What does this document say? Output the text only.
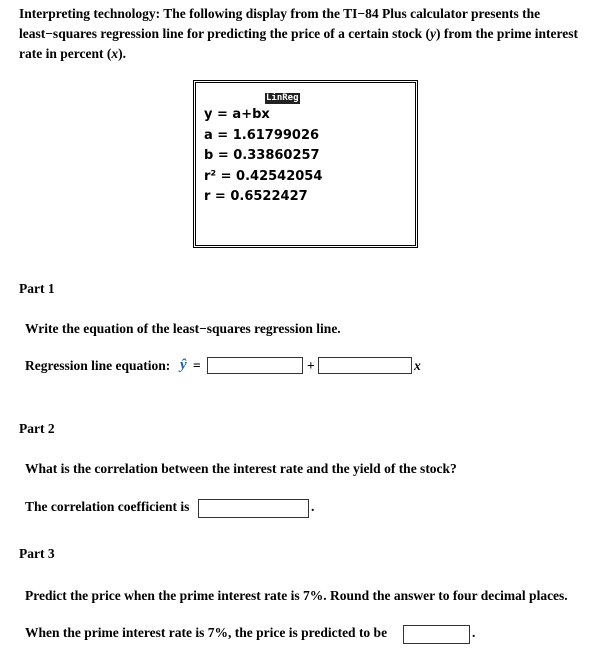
Interpreting technology: The following display from the TI−84 Plus calculator presents the least−squares regression line for predicting the price of a certain stock (y) from the prime interest rate in percent (x).
LinReg
y = a+bx
a = 1.61799026
b = 0.33860257
r² = 0.42542054
r = 0.6522427
Part 1
Write the equation of the least−squares regression line.
Regression line equation: ŷ =	+	x
Part 2
What is the correlation between the interest rate and the yield of the stock?
The correlation coefficient is	.
Part 3
Predict the price when the prime interest rate is 7%. Round the answer to four decimal places.
When the prime interest rate is 7%, the price is predicted to be	.
